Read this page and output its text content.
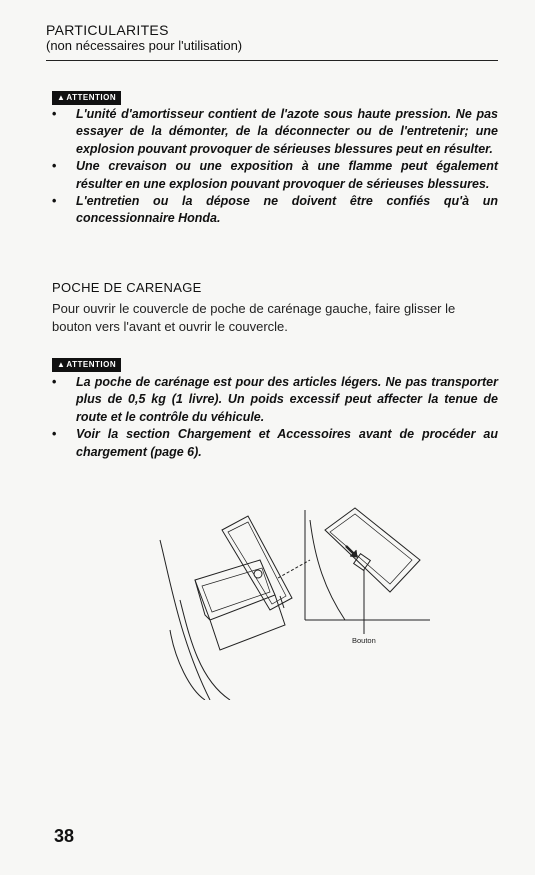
PARTICULARITES
(non nécessaires pour l'utilisation)
▲ATTENTION
• L'unité d'amortisseur contient de l'azote sous haute pression. Ne pas essayer de la démonter, de la déconnecter ou de l'entretenir; une explosion pouvant provoquer de sérieuses blessures peut en résulter.
• Une crevaison ou une exposition à une flamme peut également résulter en une explosion pouvant provoquer de sérieuses blessures.
• L'entretien ou la dépose ne doivent être confiés qu'à un concessionnaire Honda.
POCHE DE CARENAGE
Pour ouvrir le couvercle de poche de carénage gauche, faire glisser le bouton vers l'avant et ouvrir le couvercle.
▲ATTENTION
• La poche de carénage est pour des articles légers. Ne pas transporter plus de 0,5 kg (1 livre). Un poids excessif peut affecter la tenue de route et le contrôle du véhicule.
• Voir la section Chargement et Accessoires avant de procéder au chargement (page 6).
Bouton
38
